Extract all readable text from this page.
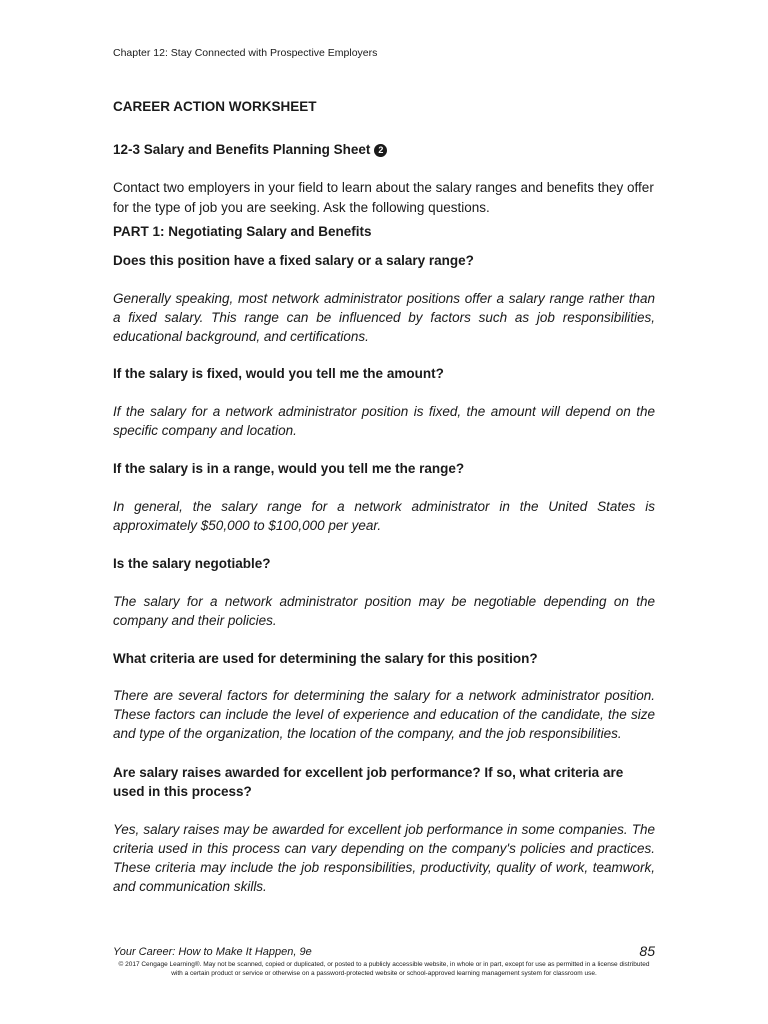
Chapter 12: Stay Connected with Prospective Employers
CAREER ACTION WORKSHEET
12-3 Salary and Benefits Planning Sheet 2
Contact two employers in your field to learn about the salary ranges and benefits they offer for the type of job you are seeking. Ask the following questions.
PART 1: Negotiating Salary and Benefits
Does this position have a fixed salary or a salary range?
Generally speaking, most network administrator positions offer a salary range rather than a fixed salary. This range can be influenced by factors such as job responsibilities, educational background, and certifications.
If the salary is fixed, would you tell me the amount?
If the salary for a network administrator position is fixed, the amount will depend on the specific company and location.
If the salary is in a range, would you tell me the range?
In general, the salary range for a network administrator in the United States is approximately $50,000 to $100,000 per year.
Is the salary negotiable?
The salary for a network administrator position may be negotiable depending on the company and their policies.
What criteria are used for determining the salary for this position?
There are several factors for determining the salary for a network administrator position. These factors can include the level of experience and education of the candidate, the size and type of the organization, the location of the company, and the job responsibilities.
Are salary raises awarded for excellent job performance? If so, what criteria are used in this process?
Yes, salary raises may be awarded for excellent job performance in some companies. The criteria used in this process can vary depending on the company's policies and practices. These criteria may include the job responsibilities, productivity, quality of work, teamwork, and communication skills.
Your Career: How to Make It Happen, 9e	85
© 2017 Cengage Learning®. May not be scanned, copied or duplicated, or posted to a publicly accessible website, in whole or in part, except for use as permitted in a license distributed with a certain product or service or otherwise on a password-protected website or school-approved learning management system for classroom use.
